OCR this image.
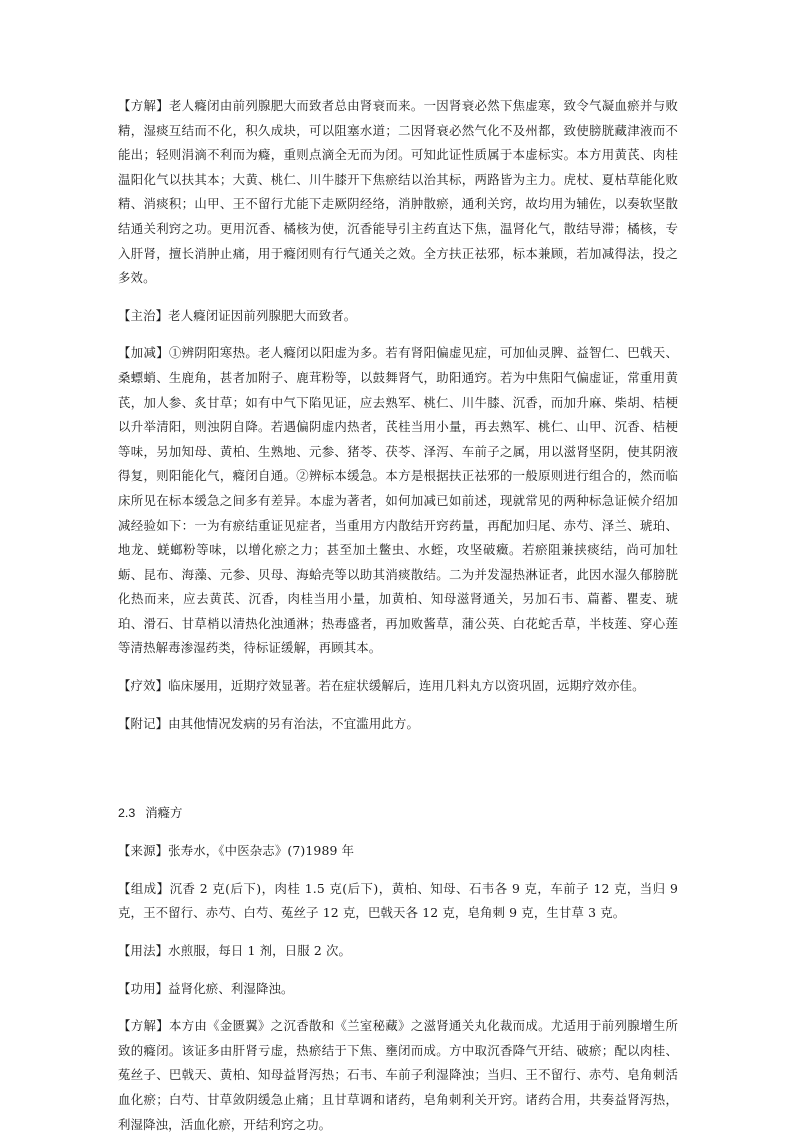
【方解】老人癃闭由前列腺肥大而致者总由肾衰而来。一因肾衰必然下焦虚寒，致令气凝血瘀并与败精，湿痰互结而不化，积久成块，可以阻塞水道；二因肾衰必然气化不及州都，致使膀胱藏津液而不能出；轻则涓滴不利而为癃，重则点滴全无而为闭。可知此证性质属于本虚标实。本方用黄芪、肉桂温阳化气以扶其本；大黄、桃仁、川牛膝开下焦瘀结以治其标，两路皆为主力。虎杖、夏枯草能化败精、消痰积；山甲、王不留行尤能下走厥阴经络，消肿散瘀，通利关窍，故均用为辅佐，以奏软坚散结通关利窍之功。更用沉香、橘核为使，沉香能导引主药直达下焦，温肾化气，散结导滞；橘核，专入肝肾，擅长消肿止痛，用于癃闭则有行气通关之效。全方扶正祛邪，标本兼顾，若加减得法，投之多效。

【主治】老人癃闭证因前列腺肥大而致者。

【加减】①辨阴阳寒热。老人癃闭以阳虚为多。若有肾阳偏虚见症，可加仙灵脾、益智仁、巴戟天、桑螵蛸、生鹿角，甚者加附子、鹿茸粉等，以鼓舞肾气，助阳通窍。若为中焦阳气偏虚证，常重用黄芪，加人参、炙甘草；如有中气下陷见证，应去熟军、桃仁、川牛膝、沉香，而加升麻、柴胡、桔梗以升举清阳，则浊阴自降。若遇偏阴虚内热者，芪桂当用小量，再去熟军、桃仁、山甲、沉香、桔梗等味，另加知母、黄柏、生熟地、元参、猪苓、茯苓、泽泻、车前子之属，用以滋肾坚阴，使其阴液得复，则阳能化气，癃闭自通。②辨标本缓急。本方是根据扶正祛邪的一般原则进行组合的，然而临床所见在标本缓急之间多有差异。本虚为著者，如何加减已如前述，现就常见的两种标急证候介绍加减经验如下：一为有瘀结重证见症者，当重用方内散结开窍药量，再配加归尾、赤芍、泽兰、琥珀、地龙、蜣螂粉等味，以增化瘀之力；甚至加土鳖虫、水蛭，攻坚破癥。若瘀阻兼挟痰结，尚可加牡蛎、昆布、海藻、元参、贝母、海蛤壳等以助其消痰散结。二为并发湿热淋证者，此因水湿久郁膀胱化热而来，应去黄芪、沉香，肉桂当用小量，加黄柏、知母滋肾通关，另加石韦、萹蓄、瞿麦、琥珀、滑石、甘草梢以清热化浊通淋；热毒盛者，再加败酱草，蒲公英、白花蛇舌草，半枝莲、穿心莲等清热解毒渗湿药类，待标证缓解，再顾其本。

【疗效】临床屡用，近期疗效显著。若在症状缓解后，连用几料丸方以资巩固，远期疗效亦佳。

【附记】由其他情况发病的另有治法，不宜滥用此方。

2.3 消癃方

【来源】张寿水，《中医杂志》(7)1989 年

【组成】沉香 2 克(后下)，肉桂 1.5 克(后下)，黄柏、知母、石韦各 9 克，车前子 12 克，当归 9 克，王不留行、赤芍、白芍、菟丝子 12 克，巴戟天各 12 克，皂角刺 9 克，生甘草 3 克。

【用法】水煎服，每日 1 剂，日服 2 次。

【功用】益肾化瘀、利湿降浊。

【方解】本方由《金匮翼》之沉香散和《兰室秘藏》之滋肾通关丸化裁而成。尤适用于前列腺增生所致的癃闭。该证多由肝肾亏虚，热瘀结于下焦、壅闭而成。方中取沉香降气开结、破瘀；配以肉桂、菟丝子、巴戟天、黄柏、知母益肾泻热；石韦、车前子利湿降浊；当归、王不留行、赤芍、皂角刺活血化瘀；白芍、甘草敛阴缓急止痛；且甘草调和诸药，皂角刺利关开窍。诸药合用，共奏益肾泻热，利湿降浊，活血化瘀，开结利窍之功。
